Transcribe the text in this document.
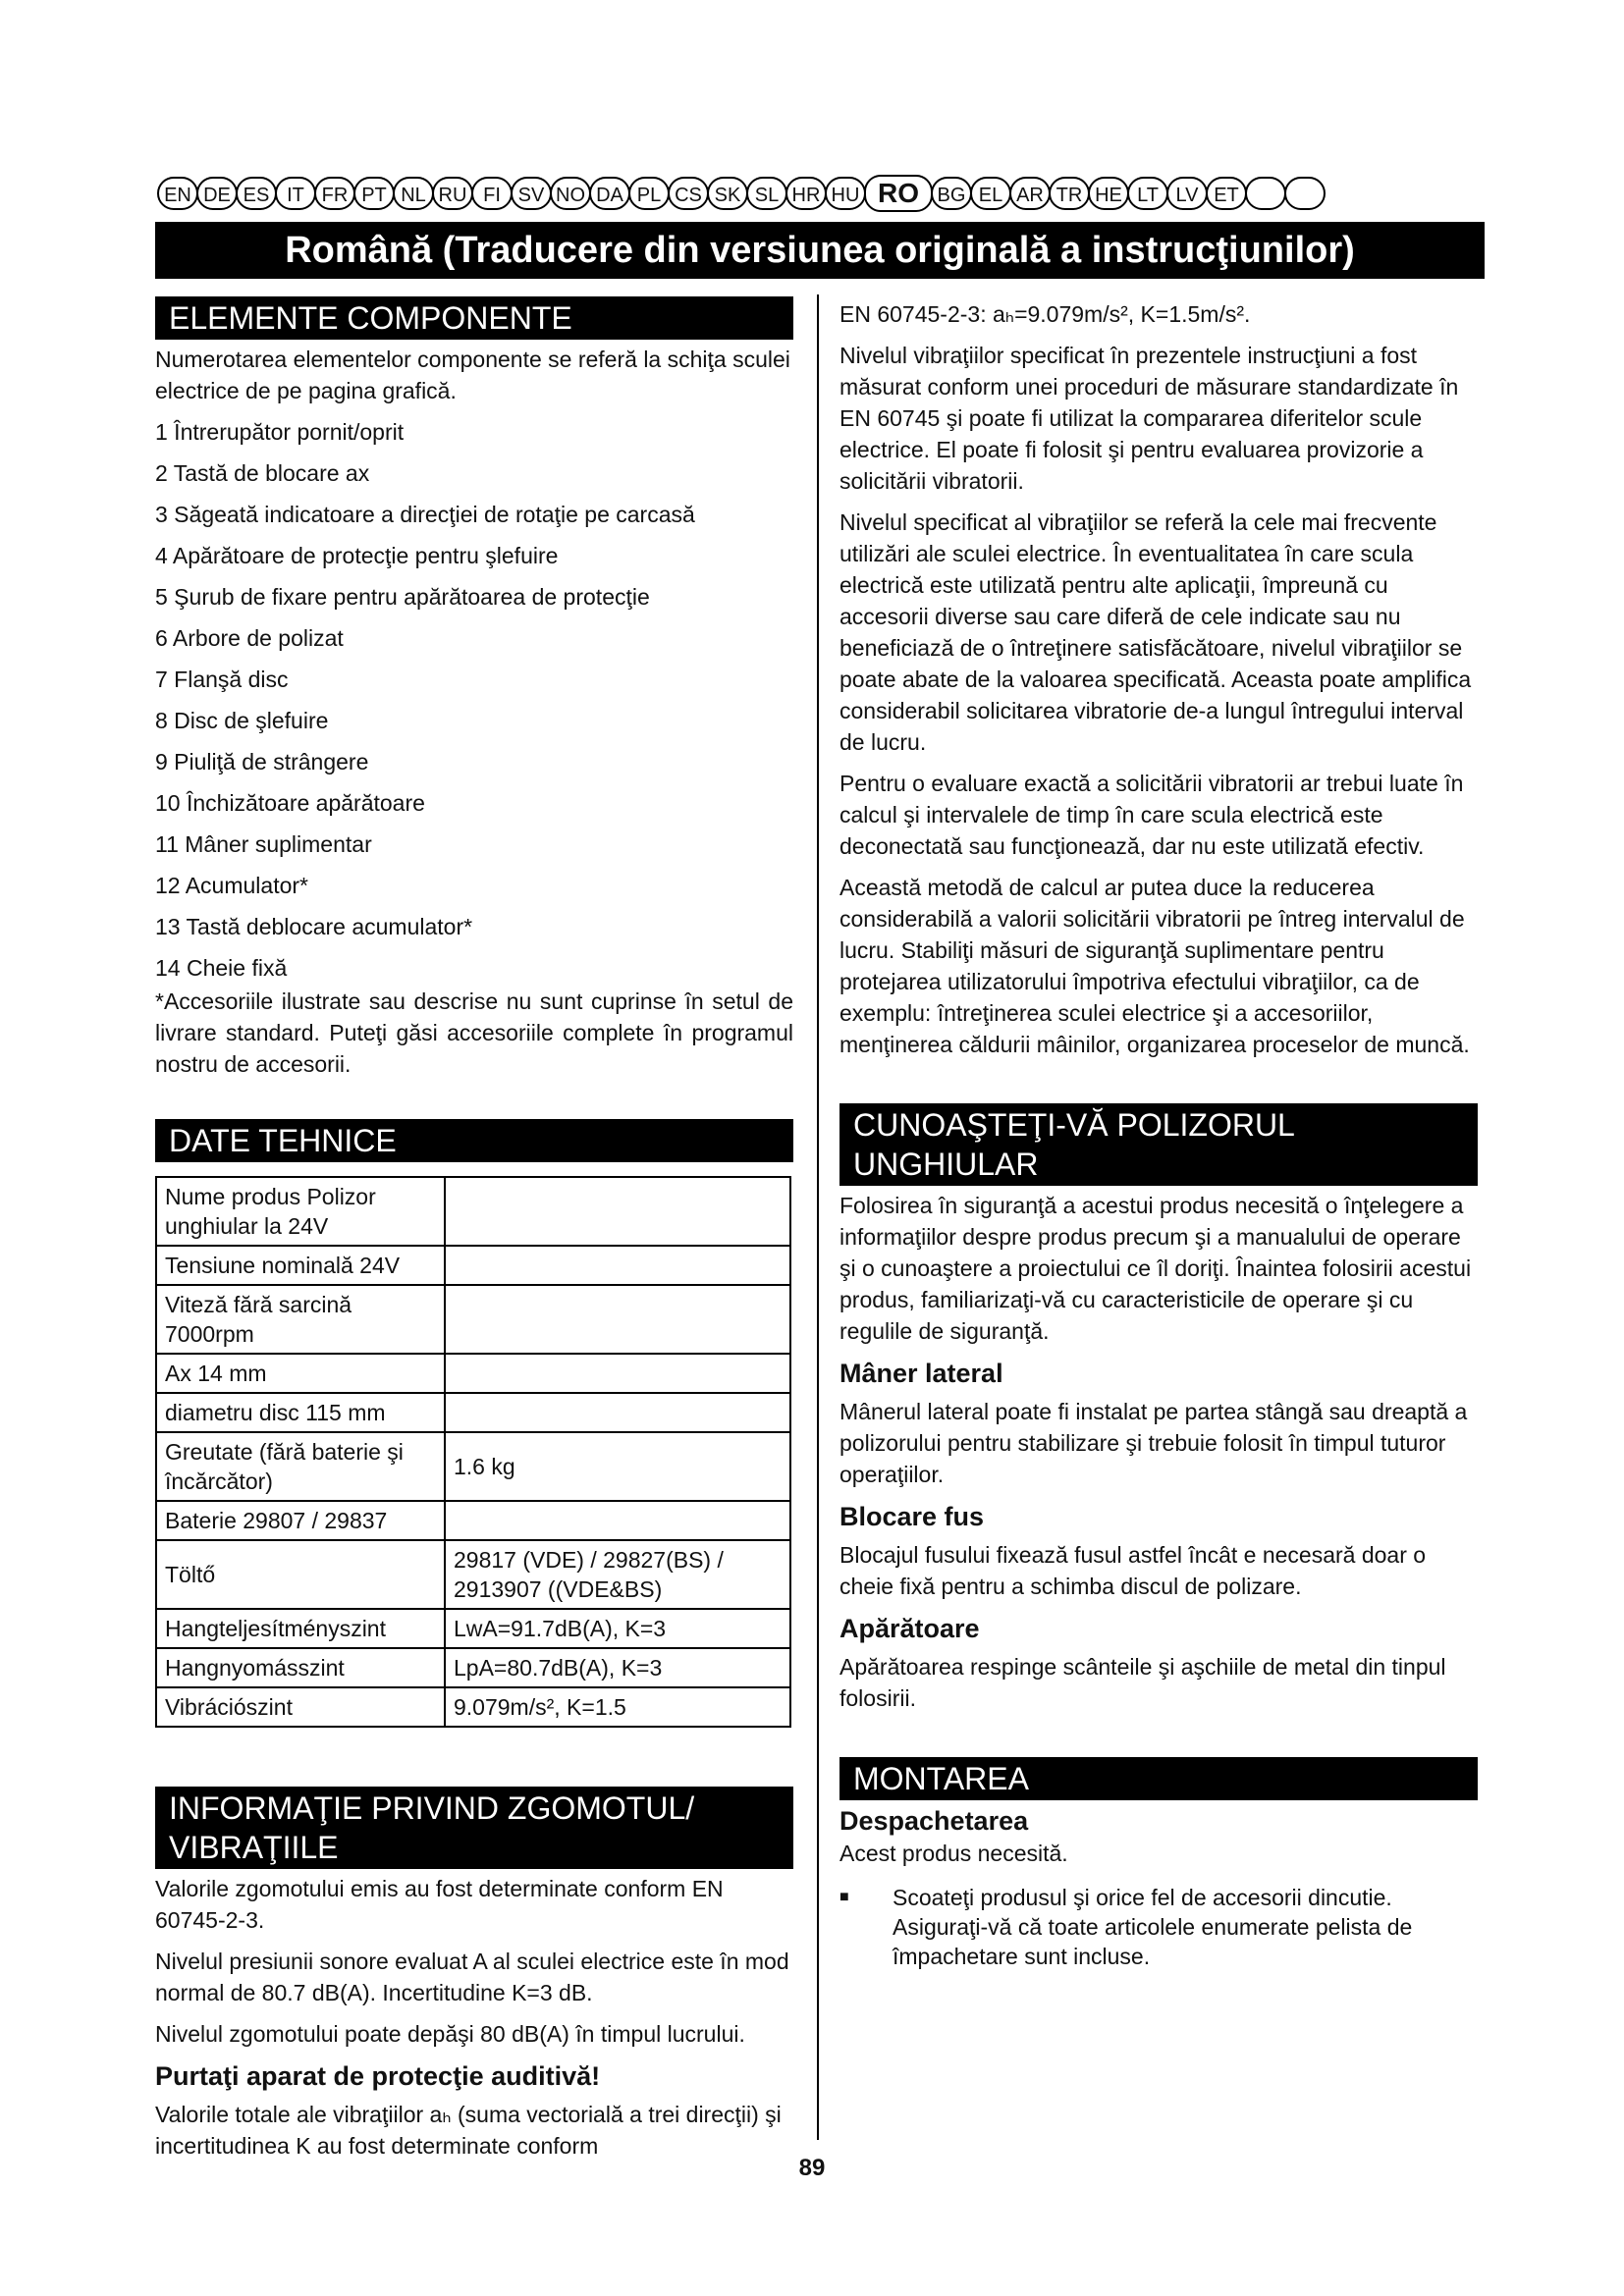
EN DE ES IT FR PT NL RU FI SV NO DA PL CS SK SL HR HU RO BG EL AR TR HE LT LV ET
Română (Traducere din versiunea originală a instrucţiunilor)
ELEMENTE COMPONENTE

Numerotarea elementelor componente se referă la schiţa sculei electrice de pe pagina grafică.

1 Întrerupător pornit/oprit
2 Tastă de blocare ax
3 Săgeată indicatoare a direcţiei de rotaţie pe carcasă
4 Apărătoare de protecţie pentru şlefuire
5 Şurub de fixare pentru apărătoarea de protecţie
6 Arbore de polizat
7 Flanşă disc
8 Disc de şlefuire
9 Piuliţă de strângere
10 Închizătoare apărătoare
11 Mâner suplimentar
12 Acumulator*
13 Tastă deblocare acumulator*
14 Cheie fixă

*Accesoriile ilustrate sau descrise nu sunt cuprinse în setul de livrare standard. Puteţi găsi accesoriile complete în programul nostru de accesorii.

DATE TEHNICE
Nume produs Polizor unghiular la 24V	
Tensiune nominală 24V	
Viteză fără sarcină 7000rpm	
Ax 14 mm	
diametru disc 115 mm	
Greutate (fără baterie şi încărcător)	1.6 kg
Baterie 29807 / 29837	
Töltő	29817 (VDE) / 29827(BS) / 2913907 ((VDE&BS)
Hangteljesítményszint	LwA=91.7dB(A), K=3
Hangnyomásszint	LpA=80.7dB(A), K=3
Vibrációszint	9.079m/s², K=1.5
INFORMAŢIE PRIVIND ZGOMOTUL/
VIBRAŢIILE

Valorile zgomotului emis au fost determinate conform EN 60745-2-3.

Nivelul presiunii sonore evaluat A al sculei electrice este în mod normal de 80.7 dB(A). Incertitudine K=3 dB.

Nivelul zgomotului poate depăşi 80 dB(A) în timpul lucrului.

Purtaţi aparat de protecţie auditivă!

Valorile totale ale vibraţiilor aₕ (suma vectorială a trei direcţii) şi incertitudinea K au fost determinate conform

EN 60745-2-3: aₕ=9.079m/s², K=1.5m/s².

Nivelul vibraţiilor specificat în prezentele instrucţiuni a fost măsurat conform unei proceduri de măsurare standardizate în EN 60745 şi poate fi utilizat la compararea diferitelor scule electrice. El poate fi folosit şi pentru evaluarea provizorie a solicitării vibratorii.

Nivelul specificat al vibraţiilor se referă la cele mai frecvente utilizări ale sculei electrice. În eventualitatea în care scula electrică este utilizată pentru alte aplicaţii, împreună cu accesorii diverse sau care diferă de cele indicate sau nu beneficiază de o întreţinere satisfăcătoare, nivelul vibraţiilor se poate abate de la valoarea specificată. Aceasta poate amplifica considerabil solicitarea vibratorie de-a lungul întregului interval de lucru.

Pentru o evaluare exactă a solicitării vibratorii ar trebui luate în calcul şi intervalele de timp în care scula electrică este deconectată sau funcţionează, dar nu este utilizată efectiv.

Această metodă de calcul ar putea duce la reducerea considerabilă a valorii solicitării vibratorii pe întreg intervalul de lucru. Stabiliţi măsuri de siguranţă suplimentare pentru protejarea utilizatorului împotriva efectului vibraţiilor, ca de exemplu: întreţinerea sculei electrice şi a accesoriilor, menţinerea căldurii mâinilor, organizarea proceselor de muncă.

CUNOAŞTEŢI-VĂ POLIZORUL
UNGHIULAR

Folosirea în siguranţă a acestui produs necesită o înţelegere a informaţiilor despre produs precum şi a manualului de operare şi o cunoaştere a proiectului ce îl doriţi. Înaintea folosirii acestui produs, familiarizaţi-vă cu caracteristicile de operare şi cu regulile de siguranţă.

Mâner lateral

Mânerul lateral poate fi instalat pe partea stângă sau dreaptă a polizorului pentru stabilizare şi trebuie folosit în timpul tuturor operaţiilor.

Blocare fus

Blocajul fusului fixează fusul astfel încât e necesară doar o cheie fixă pentru a schimba discul de polizare.

Apărătoare

Apărătoarea respinge scânteile şi aşchiile de metal din tinpul folosirii.

MONTAREA
Despachetarea

Acest produs necesită.

■	Scoateţi produsul şi orice fel de accesorii dincutie. Asiguraţi-vă că toate articolele enumerate pelista de împachetare sunt incluse.
89
